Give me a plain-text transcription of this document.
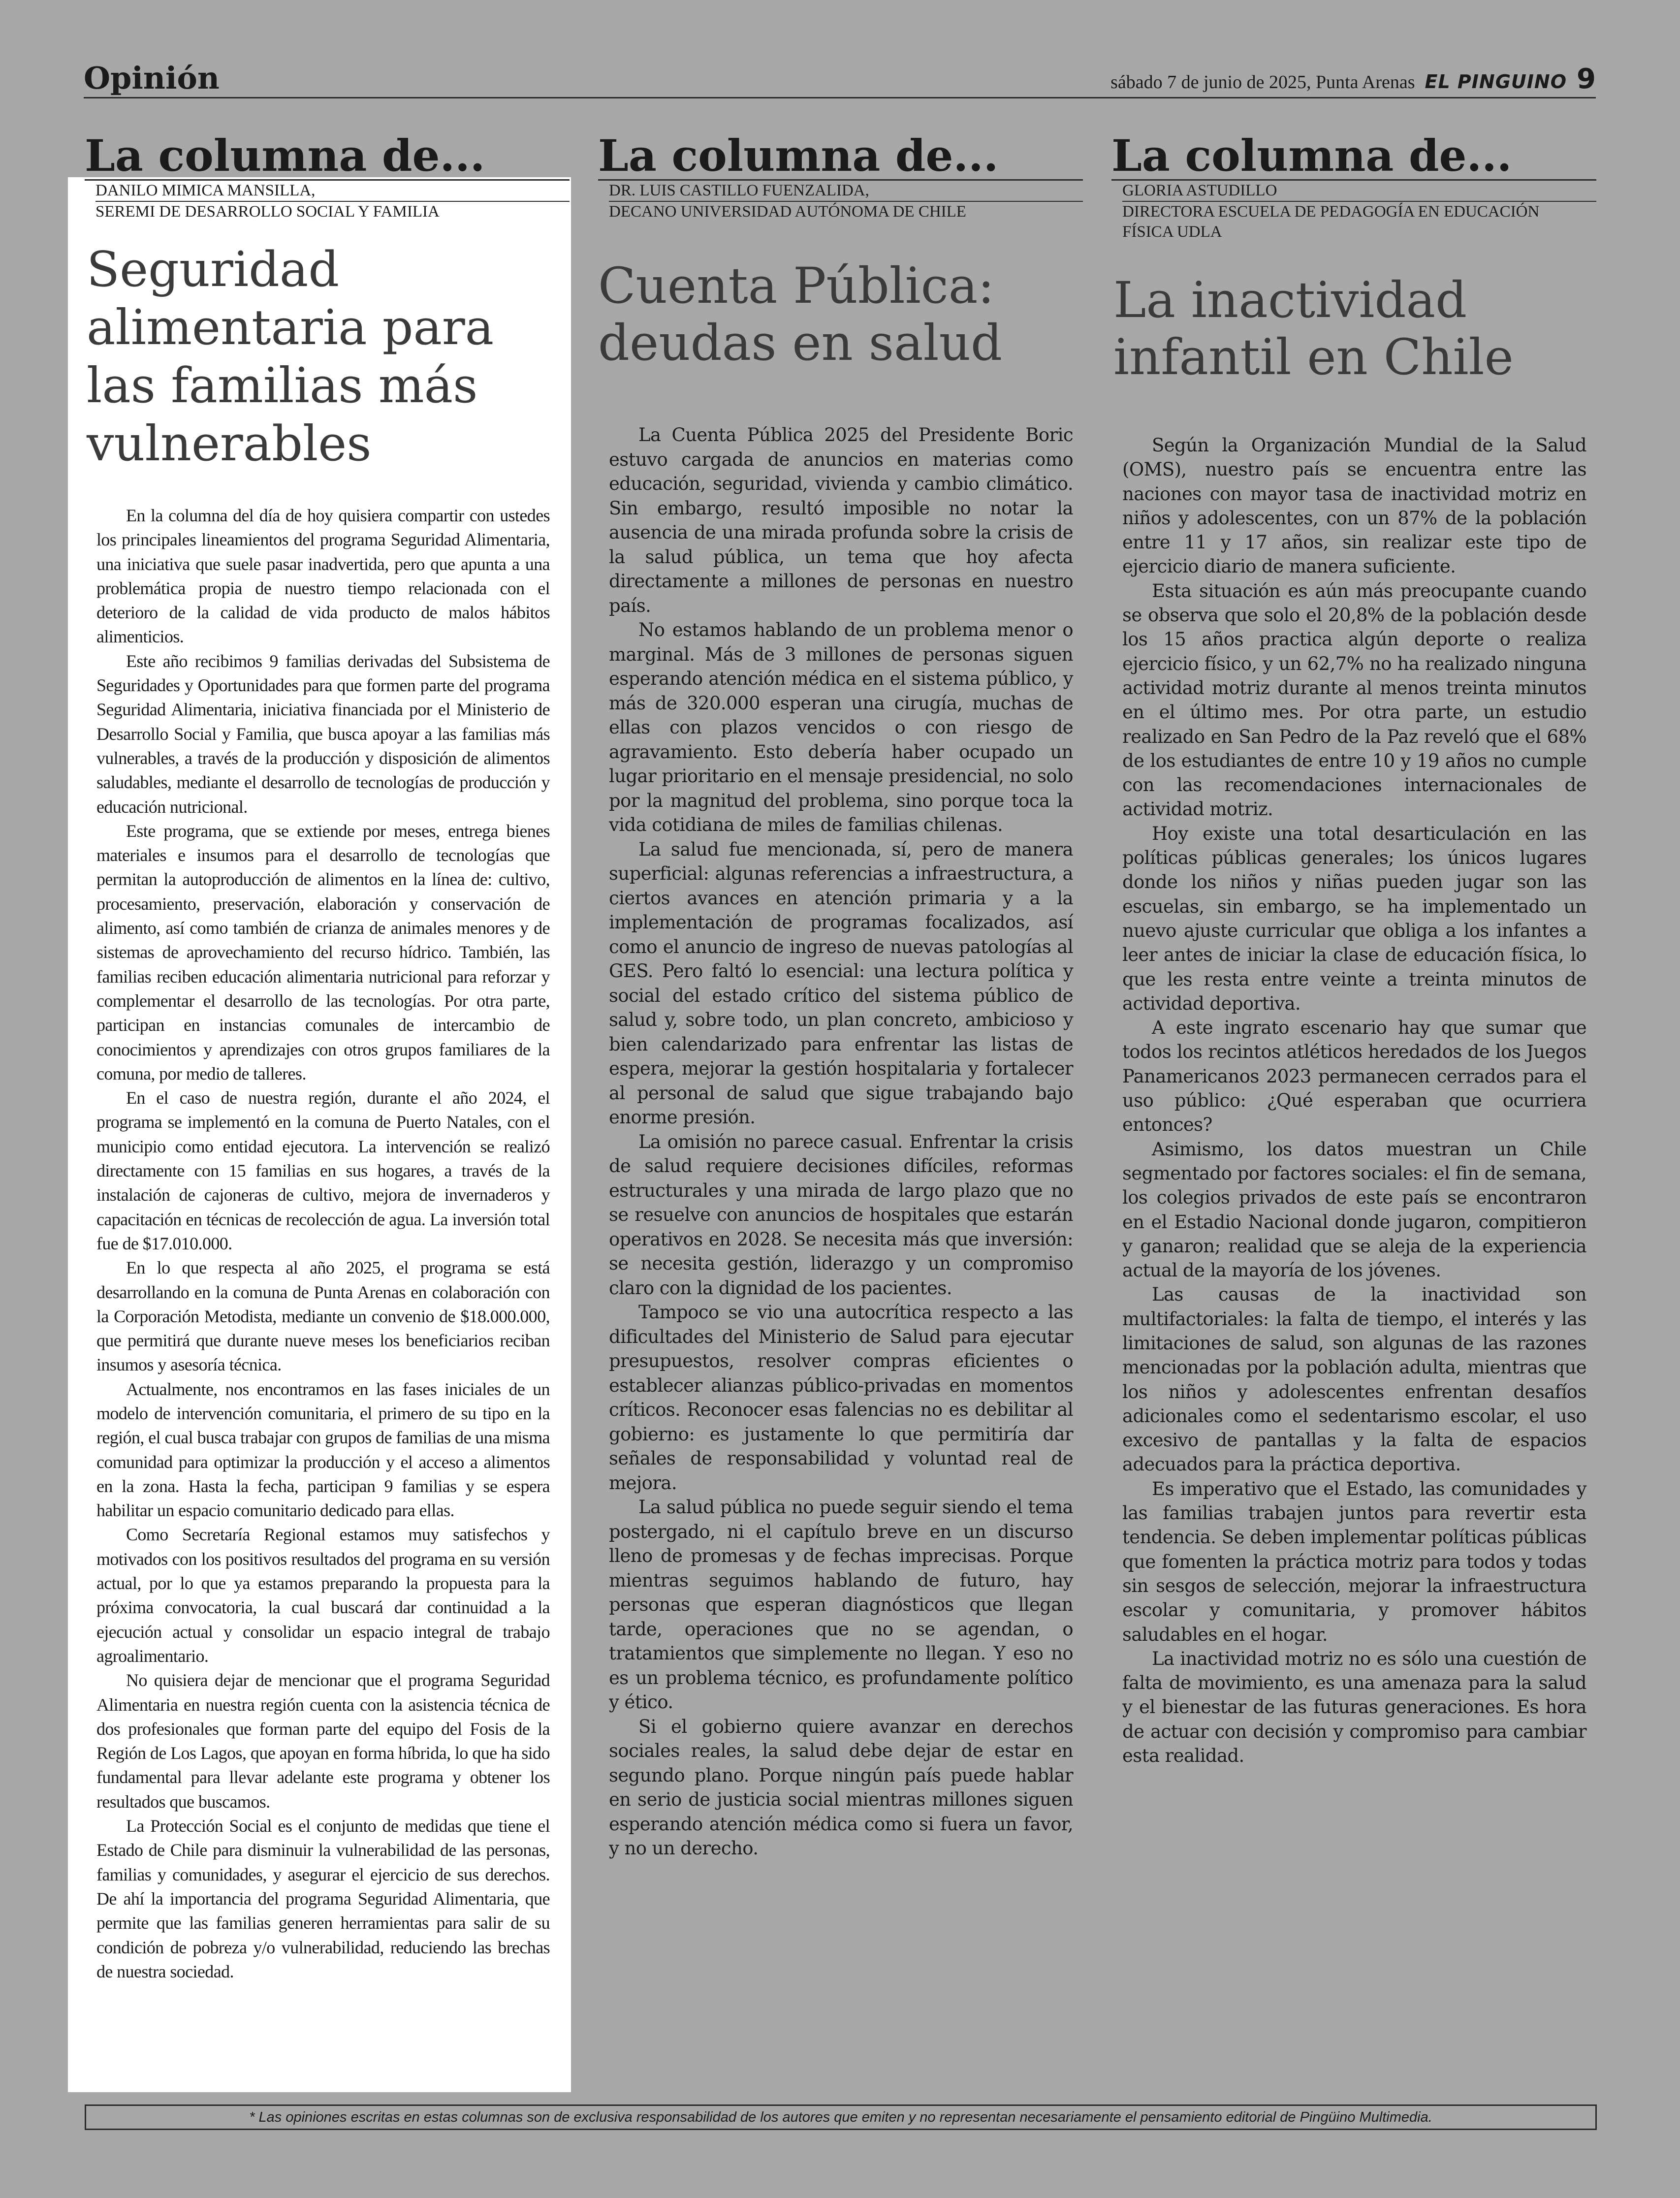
Opinión	sábado 7 de junio de 2025, Punta Arenas EL PINGUINO 9
La columna de...
DANILO MIMICA MANSILLA,
SEREMI DE DESARROLLO SOCIAL Y FAMILIA
Seguridad
alimentaria para
las familias más
vulnerables

En la columna del día de hoy quisiera compartir con ustedes los principales lineamientos del programa Seguridad Alimentaria, una iniciativa que suele pasar inadvertida, pero que apunta a una problemática propia de nuestro tiempo relacionada con el deterioro de la calidad de vida producto de malos hábitos alimenticios.

Este año recibimos 9 familias derivadas del Subsistema de Seguridades y Oportunidades para que formen parte del programa Seguridad Alimentaria, iniciativa financiada por el Ministerio de Desarrollo Social y Familia, que busca apoyar a las familias más vulnerables, a través de la producción y disposición de alimentos saludables, mediante el desarrollo de tecnologías de producción y educación nutricional.

Este programa, que se extiende por meses, entrega bienes materiales e insumos para el desarrollo de tecnologías que permitan la autoproducción de alimentos en la línea de: cultivo, procesamiento, preservación, elaboración y conservación de alimento, así como también de crianza de animales menores y de sistemas de aprovechamiento del recurso hídrico. También, las familias reciben educación alimentaria nutricional para reforzar y complementar el desarrollo de las tecnologías. Por otra parte, participan en instancias comunales de intercambio de conocimientos y aprendizajes con otros grupos familiares de la comuna, por medio de talleres.

En el caso de nuestra región, durante el año 2024, el programa se implementó en la comuna de Puerto Natales, con el municipio como entidad ejecutora. La intervención se realizó directamente con 15 familias en sus hogares, a través de la instalación de cajoneras de cultivo, mejora de invernaderos y capacitación en técnicas de recolección de agua. La inversión total fue de $17.010.000.

En lo que respecta al año 2025, el programa se está desarrollando en la comuna de Punta Arenas en colaboración con la Corporación Metodista, mediante un convenio de $18.000.000, que permitirá que durante nueve meses los beneficiarios reciban insumos y asesoría técnica.

Actualmente, nos encontramos en las fases iniciales de un modelo de intervención comunitaria, el primero de su tipo en la región, el cual busca trabajar con grupos de familias de una misma comunidad para optimizar la producción y el acceso a alimentos en la zona. Hasta la fecha, participan 9 familias y se espera habilitar un espacio comunitario dedicado para ellas.

Como Secretaría Regional estamos muy satisfechos y motivados con los positivos resultados del programa en su versión actual, por lo que ya estamos preparando la propuesta para la próxima convocatoria, la cual buscará dar continuidad a la ejecución actual y consolidar un espacio integral de trabajo agroalimentario.

No quisiera dejar de mencionar que el programa Seguridad Alimentaria en nuestra región cuenta con la asistencia técnica de dos profesionales que forman parte del equipo del Fosis de la Región de Los Lagos, que apoyan en forma híbrida, lo que ha sido fundamental para llevar adelante este programa y obtener los resultados que buscamos.

La Protección Social es el conjunto de medidas que tiene el Estado de Chile para disminuir la vulnerabilidad de las personas, familias y comunidades, y asegurar el ejercicio de sus derechos. De ahí la importancia del programa Seguridad Alimentaria, que permite que las familias generen herramientas para salir de su condición de pobreza y/o vulnerabilidad, reduciendo las brechas de nuestra sociedad.

La columna de...
DR. LUIS CASTILLO FUENZALIDA,
DECANO UNIVERSIDAD AUTÓNOMA DE CHILE
Cuenta Pública:
deudas en salud

La Cuenta Pública 2025 del Presidente Boric estuvo cargada de anuncios en materias como educación, seguridad, vivienda y cambio climático. Sin embargo, resultó imposible no notar la ausencia de una mirada profunda sobre la crisis de la salud pública, un tema que hoy afecta directamente a millones de personas en nuestro país.

No estamos hablando de un problema menor o marginal. Más de 3 millones de personas siguen esperando atención médica en el sistema público, y más de 320.000 esperan una cirugía, muchas de ellas con plazos vencidos o con riesgo de agravamiento. Esto debería haber ocupado un lugar prioritario en el mensaje presidencial, no solo por la magnitud del problema, sino porque toca la vida cotidiana de miles de familias chilenas.

La salud fue mencionada, sí, pero de manera superficial: algunas referencias a infraestructura, a ciertos avances en atención primaria y a la implementación de programas focalizados, así como el anuncio de ingreso de nuevas patologías al GES. Pero faltó lo esencial: una lectura política y social del estado crítico del sistema público de salud y, sobre todo, un plan concreto, ambicioso y bien calendarizado para enfrentar las listas de espera, mejorar la gestión hospitalaria y fortalecer al personal de salud que sigue trabajando bajo enorme presión.

La omisión no parece casual. Enfrentar la crisis de salud requiere decisiones difíciles, reformas estructurales y una mirada de largo plazo que no se resuelve con anuncios de hospitales que estarán operativos en 2028. Se necesita más que inversión: se necesita gestión, liderazgo y un compromiso claro con la dignidad de los pacientes.

Tampoco se vio una autocrítica respecto a las dificultades del Ministerio de Salud para ejecutar presupuestos, resolver compras eficientes o establecer alianzas público-privadas en momentos críticos. Reconocer esas falencias no es debilitar al gobierno: es justamente lo que permitiría dar señales de responsabilidad y voluntad real de mejora.

La salud pública no puede seguir siendo el tema postergado, ni el capítulo breve en un discurso lleno de promesas y de fechas imprecisas. Porque mientras seguimos hablando de futuro, hay personas que esperan diagnósticos que llegan tarde, operaciones que no se agendan, o tratamientos que simplemente no llegan. Y eso no es un problema técnico, es profundamente político y ético.

Si el gobierno quiere avanzar en derechos sociales reales, la salud debe dejar de estar en segundo plano. Porque ningún país puede hablar en serio de justicia social mientras millones siguen esperando atención médica como si fuera un favor, y no un derecho.

La columna de...
GLORIA ASTUDILLO
DIRECTORA ESCUELA DE PEDAGOGÍA EN EDUCACIÓN
FÍSICA UDLA
La inactividad
infantil en Chile

Según la Organización Mundial de la Salud (OMS), nuestro país se encuentra entre las naciones con mayor tasa de inactividad motriz en niños y adolescentes, con un 87% de la población entre 11 y 17 años, sin realizar este tipo de ejercicio diario de manera suficiente.

Esta situación es aún más preocupante cuando se observa que solo el 20,8% de la población desde los 15 años practica algún deporte o realiza ejercicio físico, y un 62,7% no ha realizado ninguna actividad motriz durante al menos treinta minutos en el último mes. Por otra parte, un estudio realizado en San Pedro de la Paz reveló que el 68% de los estudiantes de entre 10 y 19 años no cumple con las recomendaciones internacionales de actividad motriz.

Hoy existe una total desarticulación en las políticas públicas generales; los únicos lugares donde los niños y niñas pueden jugar son las escuelas, sin embargo, se ha implementado un nuevo ajuste curricular que obliga a los infantes a leer antes de iniciar la clase de educación física, lo que les resta entre veinte a treinta minutos de actividad deportiva.

A este ingrato escenario hay que sumar que todos los recintos atléticos heredados de los Juegos Panamericanos 2023 permanecen cerrados para el uso público: ¿Qué esperaban que ocurriera entonces?

Asimismo, los datos muestran un Chile segmentado por factores sociales: el fin de semana, los colegios privados de este país se encontraron en el Estadio Nacional donde jugaron, compitieron y ganaron; realidad que se aleja de la experiencia actual de la mayoría de los jóvenes.

Las causas de la inactividad son multifactoriales: la falta de tiempo, el interés y las limitaciones de salud, son algunas de las razones mencionadas por la población adulta, mientras que los niños y adolescentes enfrentan desafíos adicionales como el sedentarismo escolar, el uso excesivo de pantallas y la falta de espacios adecuados para la práctica deportiva.

Es imperativo que el Estado, las comunidades y las familias trabajen juntos para revertir esta tendencia. Se deben implementar políticas públicas que fomenten la práctica motriz para todos y todas sin sesgos de selección, mejorar la infraestructura escolar y comunitaria, y promover hábitos saludables en el hogar.

La inactividad motriz no es sólo una cuestión de falta de movimiento, es una amenaza para la salud y el bienestar de las futuras generaciones. Es hora de actuar con decisión y compromiso para cambiar esta realidad.

* Las opiniones escritas en estas columnas son de exclusiva responsabilidad de los autores que emiten y no representan necesariamente el pensamiento editorial de Pingüino Multimedia.
